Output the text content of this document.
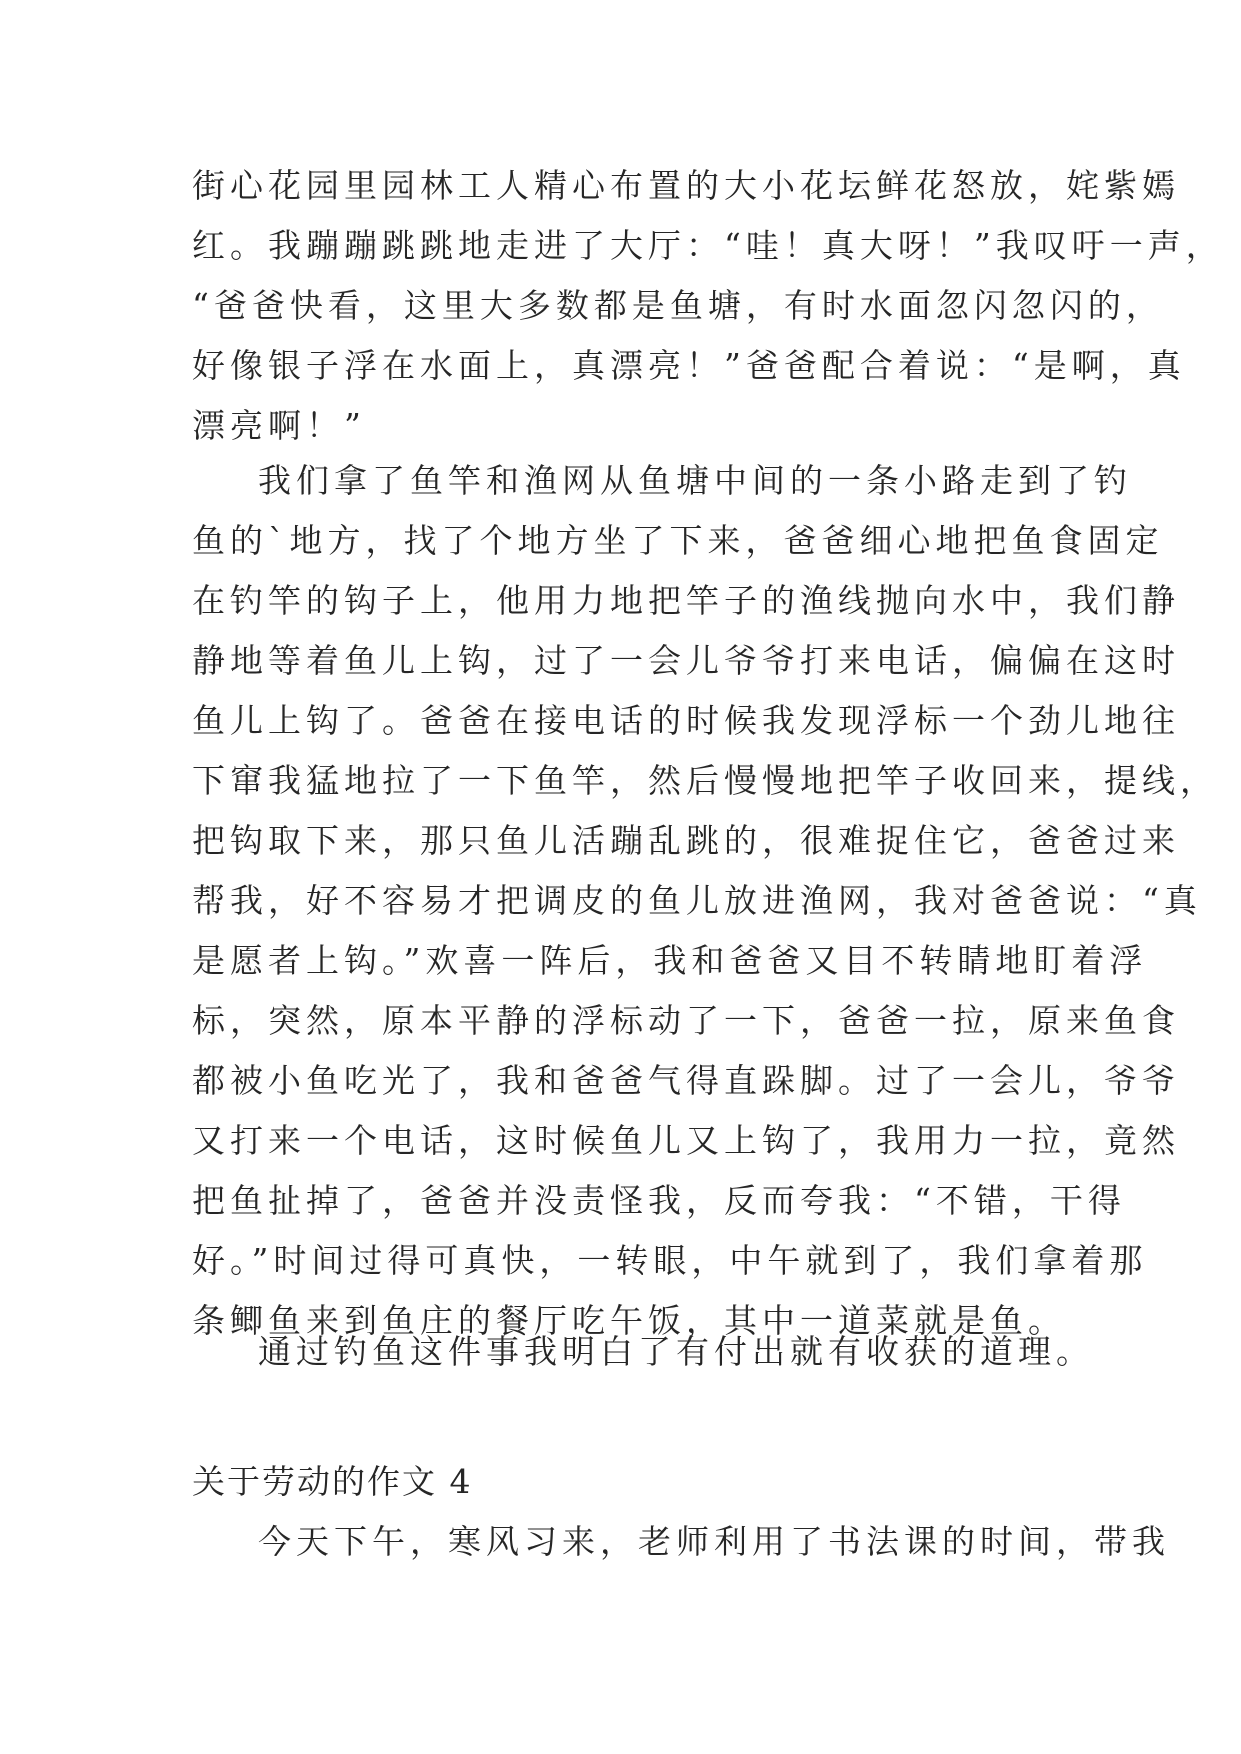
街心花园里园林工人精心布置的大小花坛鲜花怒放，姹紫嫣
红。我蹦蹦跳跳地走进了大厅：“哇！真大呀！”我叹吁一声，
“爸爸快看，这里大多数都是鱼塘，有时水面忽闪忽闪的，
好像银子浮在水面上，真漂亮！”爸爸配合着说：“是啊，真
漂亮啊！”
我们拿了鱼竿和渔网从鱼塘中间的一条小路走到了钓
鱼的`地方，找了个地方坐了下来，爸爸细心地把鱼食固定
在钓竿的钩子上，他用力地把竿子的渔线抛向水中，我们静
静地等着鱼儿上钩，过了一会儿爷爷打来电话，偏偏在这时
鱼儿上钩了。爸爸在接电话的时候我发现浮标一个劲儿地往
下窜我猛地拉了一下鱼竿，然后慢慢地把竿子收回来，提线，
把钩取下来，那只鱼儿活蹦乱跳的，很难捉住它，爸爸过来
帮我，好不容易才把调皮的鱼儿放进渔网，我对爸爸说：“真
是愿者上钩。”欢喜一阵后，我和爸爸又目不转睛地盯着浮
标，突然，原本平静的浮标动了一下，爸爸一拉，原来鱼食
都被小鱼吃光了，我和爸爸气得直跺脚。过了一会儿，爷爷
又打来一个电话，这时候鱼儿又上钩了，我用力一拉，竟然
把鱼扯掉了，爸爸并没责怪我，反而夸我：“不错，干得
好。”时间过得可真快，一转眼，中午就到了，我们拿着那
条鲫鱼来到鱼庄的餐厅吃午饭，其中一道菜就是鱼。
通过钓鱼这件事我明白了有付出就有收获的道理。
关于劳动的作文 4
今天下午，寒风习来，老师利用了书法课的时间，带我
